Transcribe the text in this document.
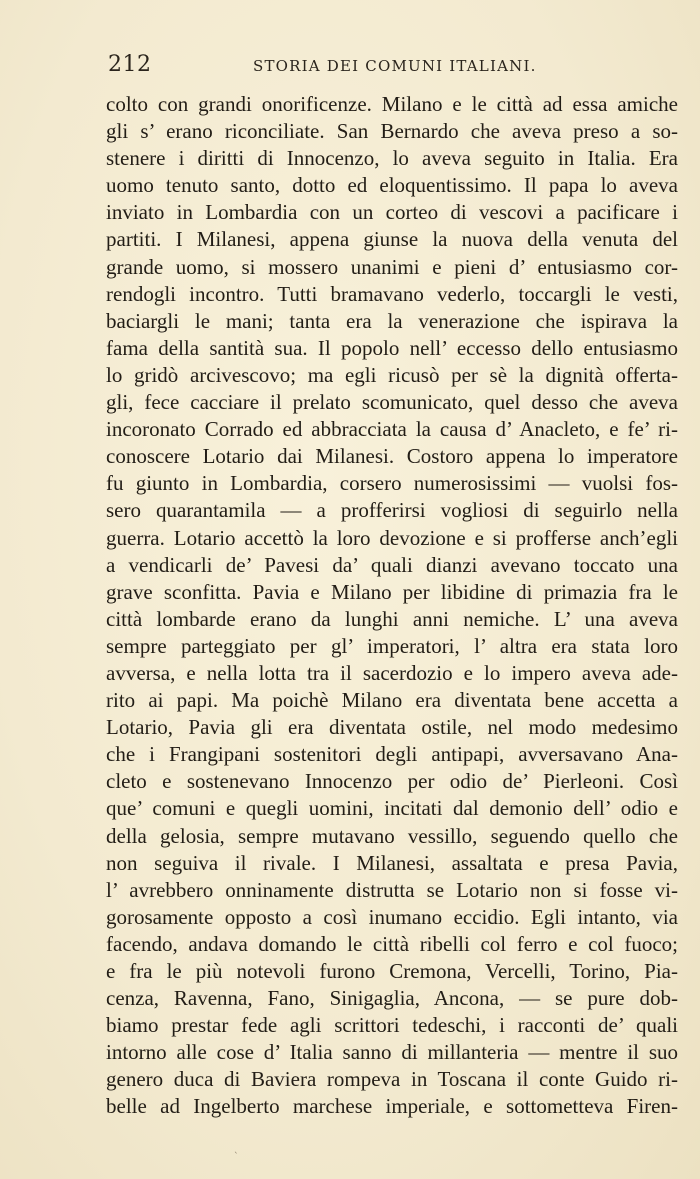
212	STORIA DEI COMUNI ITALIANI.
colto con grandi onorificenze. Milano e le città ad essa amiche
gli s’ erano riconciliate. San Bernardo che aveva preso a so-
stenere i diritti di Innocenzo, lo aveva seguito in Italia. Era
uomo tenuto santo, dotto ed eloquentissimo. Il papa lo aveva
inviato in Lombardia con un corteo di vescovi a pacificare i
partiti. I Milanesi, appena giunse la nuova della venuta del
grande uomo, si mossero unanimi e pieni d’ entusiasmo cor-
rendogli incontro. Tutti bramavano vederlo, toccargli le vesti,
baciargli le mani; tanta era la venerazione che ispirava la
fama della santità sua. Il popolo nell’ eccesso dello entusiasmo
lo gridò arcivescovo; ma egli ricusò per sè la dignità offerta-
gli, fece cacciare il prelato scomunicato, quel desso che aveva
incoronato Corrado ed abbracciata la causa d’ Anacleto, e fe’ ri-
conoscere Lotario dai Milanesi. Costoro appena lo imperatore
fu giunto in Lombardia, corsero numerosissimi — vuolsi fos-
sero quarantamila — a profferirsi vogliosi di seguirlo nella
guerra. Lotario accettò la loro devozione e si profferse anch’egli
a vendicarli de’ Pavesi da’ quali dianzi avevano toccato una
grave sconfitta. Pavia e Milano per libidine di primazia fra le
città lombarde erano da lunghi anni nemiche. L’ una aveva
sempre parteggiato per gl’ imperatori, l’ altra era stata loro
avversa, e nella lotta tra il sacerdozio e lo impero aveva ade-
rito ai papi. Ma poichè Milano era diventata bene accetta a
Lotario, Pavia gli era diventata ostile, nel modo medesimo
che i Frangipani sostenitori degli antipapi, avversavano Ana-
cleto e sostenevano Innocenzo per odio de’ Pierleoni. Così
que’ comuni e quegli uomini, incitati dal demonio dell’ odio e
della gelosia, sempre mutavano vessillo, seguendo quello che
non seguiva il rivale. I Milanesi, assaltata e presa Pavia,
l’ avrebbero onninamente distrutta se Lotario non si fosse vi-
gorosamente opposto a così inumano eccidio. Egli intanto, via
facendo, andava domando le città ribelli col ferro e col fuoco;
e fra le più notevoli furono Cremona, Vercelli, Torino, Pia-
cenza, Ravenna, Fano, Sinigaglia, Ancona, — se pure dob-
biamo prestar fede agli scrittori tedeschi, i racconti de’ quali
intorno alle cose d’ Italia sanno di millanteria — mentre il suo
genero duca di Baviera rompeva in Toscana il conte Guido ri-
belle ad Ingelberto marchese imperiale, e sottometteva Firen-
`
